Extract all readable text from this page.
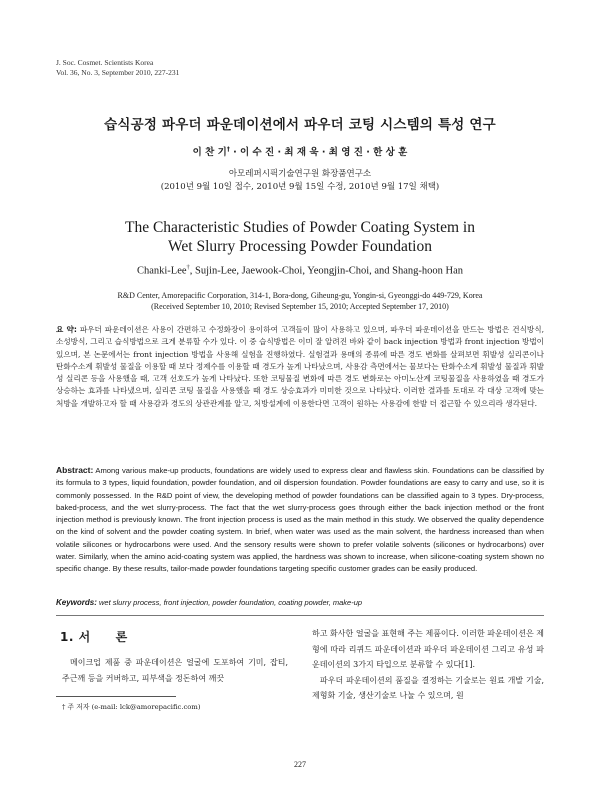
J. Soc. Cosmet. Scientists Korea
Vol. 36, No. 3, September 2010, 227-231
습식공정 파우더 파운데이션에서 파우더 코팅 시스템의 특성 연구
이 찬 기† · 이 수 진 · 최 재 욱 · 최 영 진 · 한 상 훈
아모레퍼시픽기술연구원 화장품연구소
(2010년 9월 10일 접수, 2010년 9월 15일 수정, 2010년 9월 17일 채택)
The Characteristic Studies of Powder Coating System in
Wet Slurry Processing Powder Foundation
Chanki-Lee†, Sujin-Lee, Jaewook-Choi, Yeongjin-Choi, and Shang-hoon Han
R&D Center, Amorepacific Corporation, 314-1, Bora-dong, Giheung-gu, Yongin-si, Gyeonggi-do 449-729, Korea
(Received September 10, 2010; Revised September 15, 2010; Accepted September 17, 2010)
요 약: 파우더 파운데이션은 사용이 간편하고 수정화장이 용이하여 고객들이 많이 사용하고 있으며, 파우더 파운데이션을 만드는 방법은 건식방식, 소성방식, 그리고 습식방법으로 크게 분류할 수가 있다. 이 중 습식방법은 이미 잘 알려진 바와 같이 back injection 방법과 front injection 방법이 있으며, 본 논문에서는 front injection 방법을 사용해 실험을 진행하였다. 실험결과 용매의 종류에 따른 경도 변화를 살펴보면 휘발성 실리콘이나 탄화수소계 휘발성 물질을 이용할 때 보다 정제수를 이용할 때 경도가 높게 나타났으며, 사용감 측면에서는 물보다는 탄화수소계 휘발성 물질과 휘발성 실리콘 등을 사용했을 때, 고객 선호도가 높게 나타났다. 또한 코팅물질 변화에 따른 경도 변화로는 아미노산계 코팅물질을 사용하였을 때 경도가 상승하는 효과를 나타냈으며, 실리콘 코팅 물질을 사용했을 때 경도 상승효과가 미미한 것으로 나타났다. 이러한 결과를 토대로 각 대상 고객에 맞는 처방을 개발하고자 할 때 사용감과 경도의 상관관계를 알고, 처방설계에 이용한다면 고객이 원하는 사용감에 한발 더 접근할 수 있으리라 생각된다.
Abstract: Among various make-up products, foundations are widely used to express clear and flawless skin. Foundations can be classified by its formula to 3 types, liquid foundation, powder foundation, and oil dispersion foundation. Powder foundations are easy to carry and use, so it is commonly possessed. In the R&D point of view, the developing method of powder foundations can be classified again to 3 types. Dry-process, baked-process, and the wet slurry-process. The fact that the wet slurry-process goes through either the back injection method or the front injection method is previously known. The front injection process is used as the main method in this study. We observed the quality dependence on the kind of solvent and the powder coating system. In brief, when water was used as the main solvent, the hardness increased than when volatile silicones or hydrocarbons were used. And the sensory results were shown to prefer volatile solvents (silicones or hydrocarbons) over water. Similarly, when the amino acid-coating system was applied, the hardness was shown to increase, when silicone-coating system shown no specific change. By these results, tailor-made powder foundations targeting specific customer grades can be easily produced.
Keywords: wet slurry process, front injection, powder foundation, coating powder, make-up
1. 서　　론
메이크업 제품 중 파운데이션은 얼굴에 도포하여 기미, 잡티, 주근깨 등을 커버하고, 피부색을 정돈하여 깨끗
† 주 저자 (e-mail: lck@amorepacific.com)

하고 화사한 얼굴을 표현해 주는 제품이다. 이러한 파운데이션은 제형에 따라 리퀴드 파운데이션과 파우더 파운데이션 그리고 유성 파운데이션의 3가지 타입으로 분류할 수 있다[1].

파우더 파운데이션의 품질을 결정하는 기술로는 원료 개발 기술, 제형화 기술, 생산기술로 나눌 수 있으며, 원

227
